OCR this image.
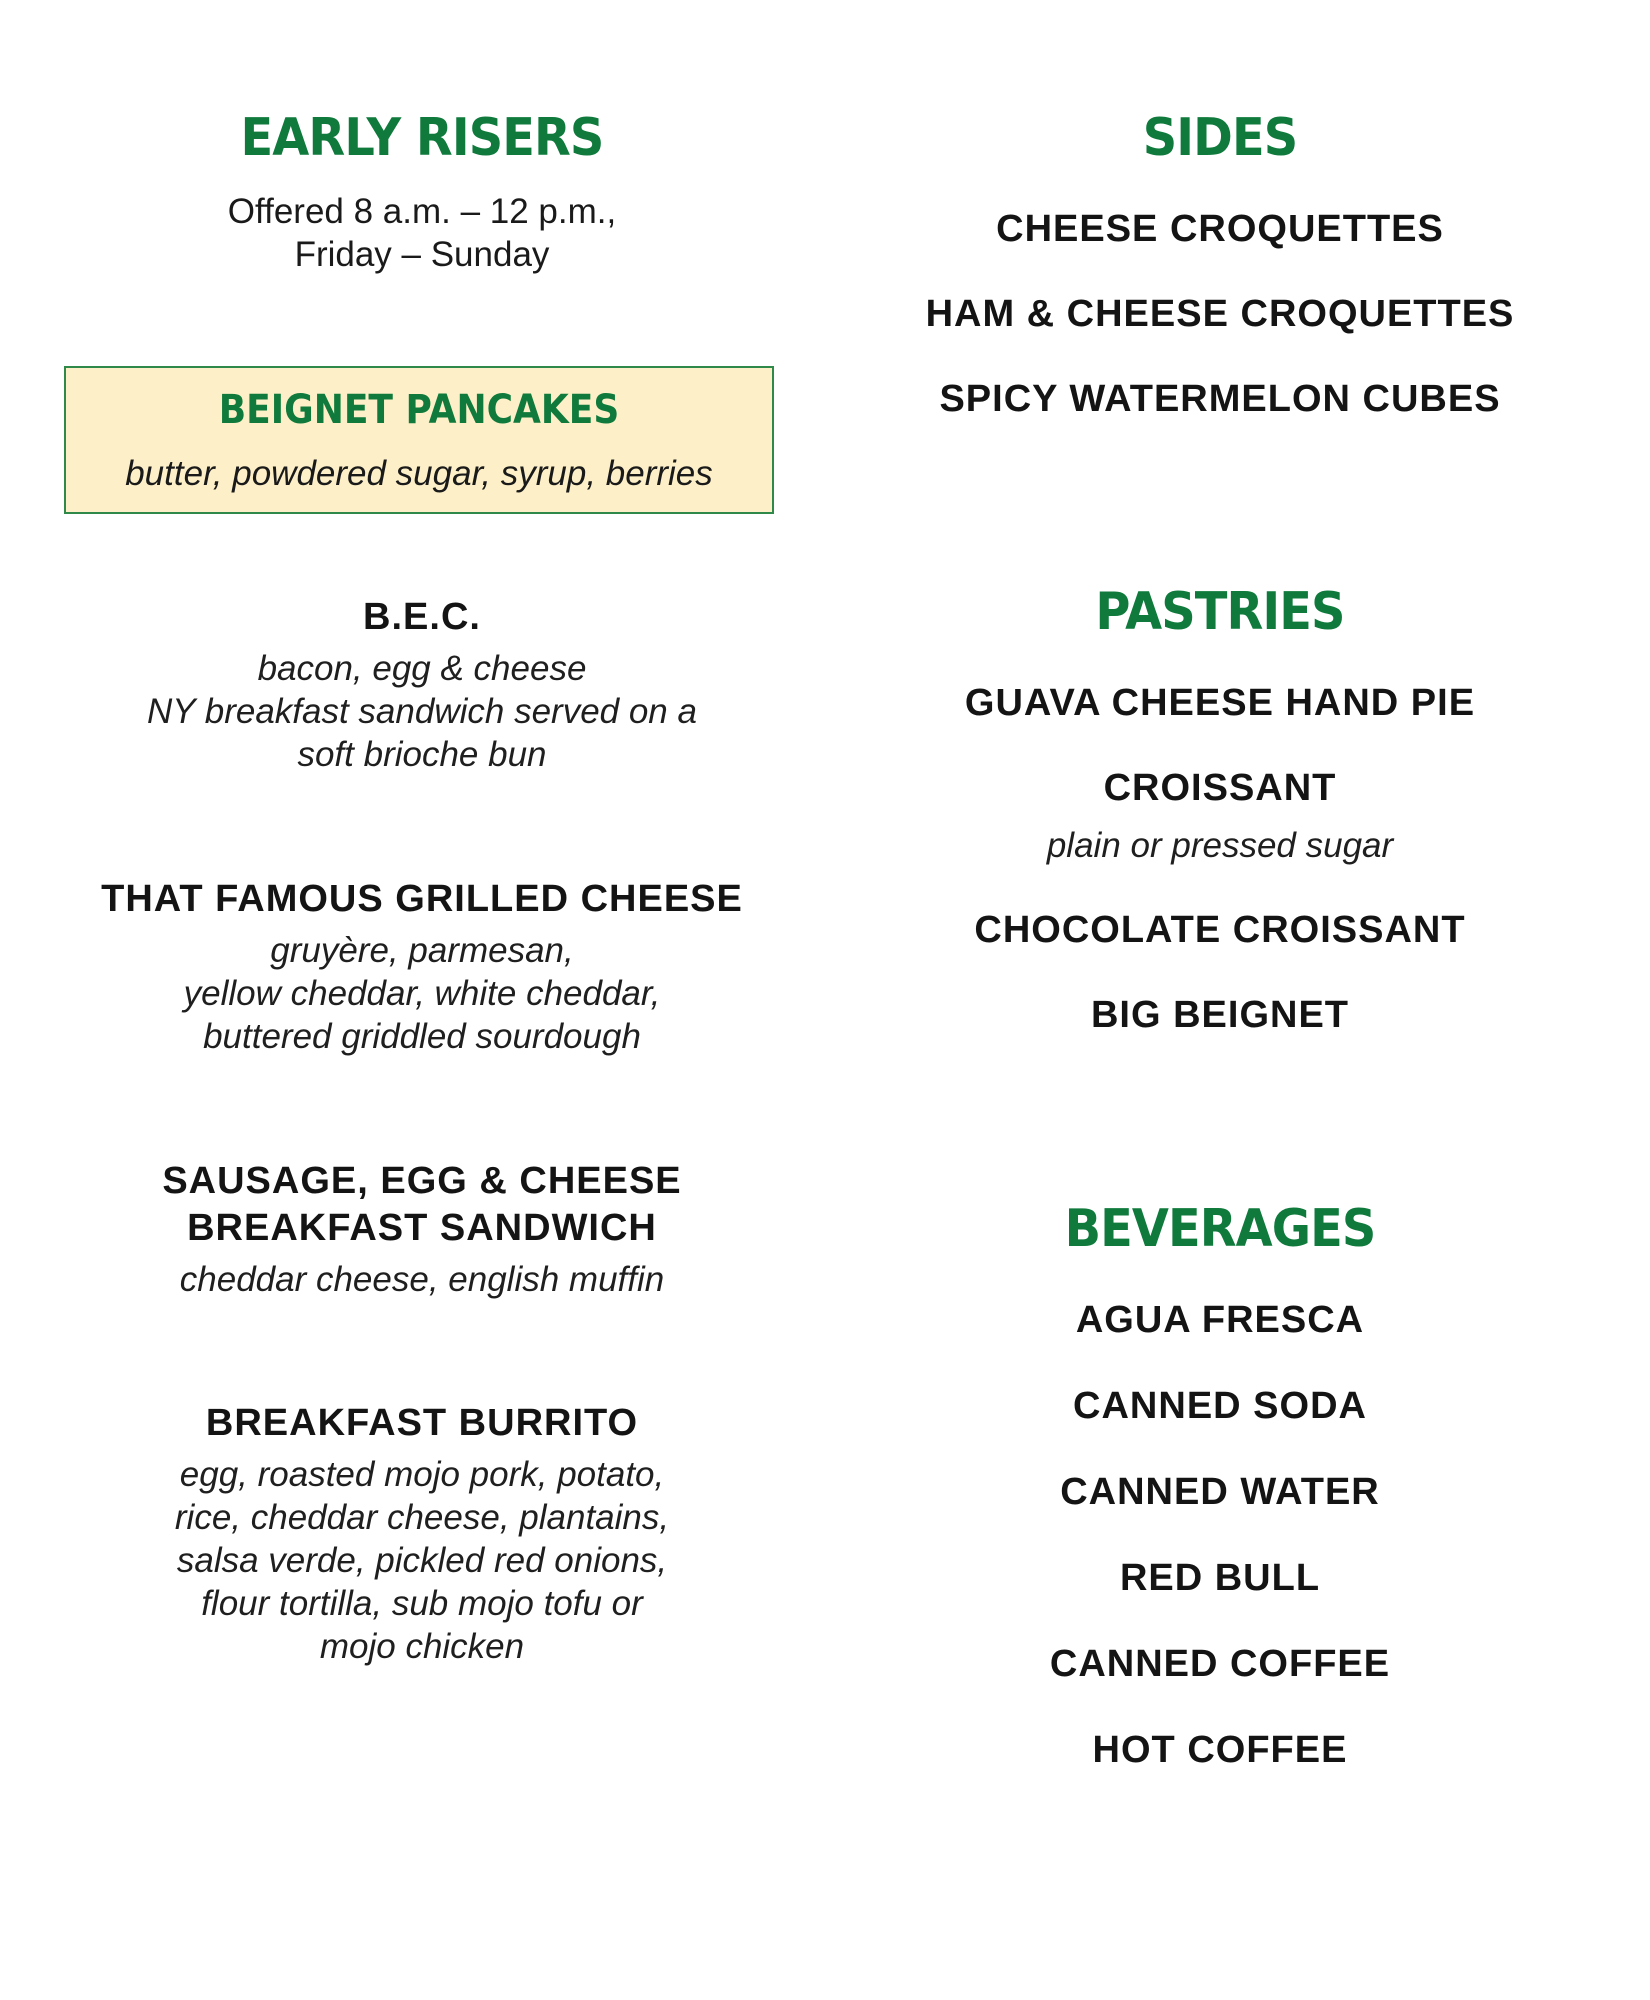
EARLY RISERS
Offered 8 a.m. – 12 p.m.,
Friday – Sunday
BEIGNET PANCAKES
butter, powdered sugar, syrup, berries
B.E.C.
bacon, egg & cheese
NY breakfast sandwich served on a
soft brioche bun
THAT FAMOUS GRILLED CHEESE
gruyère, parmesan,
yellow cheddar, white cheddar,
buttered griddled sourdough
SAUSAGE, EGG & CHEESE
BREAKFAST SANDWICH
cheddar cheese, english muffin
BREAKFAST BURRITO
egg, roasted mojo pork, potato,
rice, cheddar cheese, plantains,
salsa verde, pickled red onions,
flour tortilla, sub mojo tofu or
mojo chicken
SIDES
CHEESE CROQUETTES
HAM & CHEESE CROQUETTES
SPICY WATERMELON CUBES
PASTRIES
GUAVA CHEESE HAND PIE
CROISSANT
plain or pressed sugar
CHOCOLATE CROISSANT
BIG BEIGNET
BEVERAGES
AGUA FRESCA
CANNED SODA
CANNED WATER
RED BULL
CANNED COFFEE
HOT COFFEE
